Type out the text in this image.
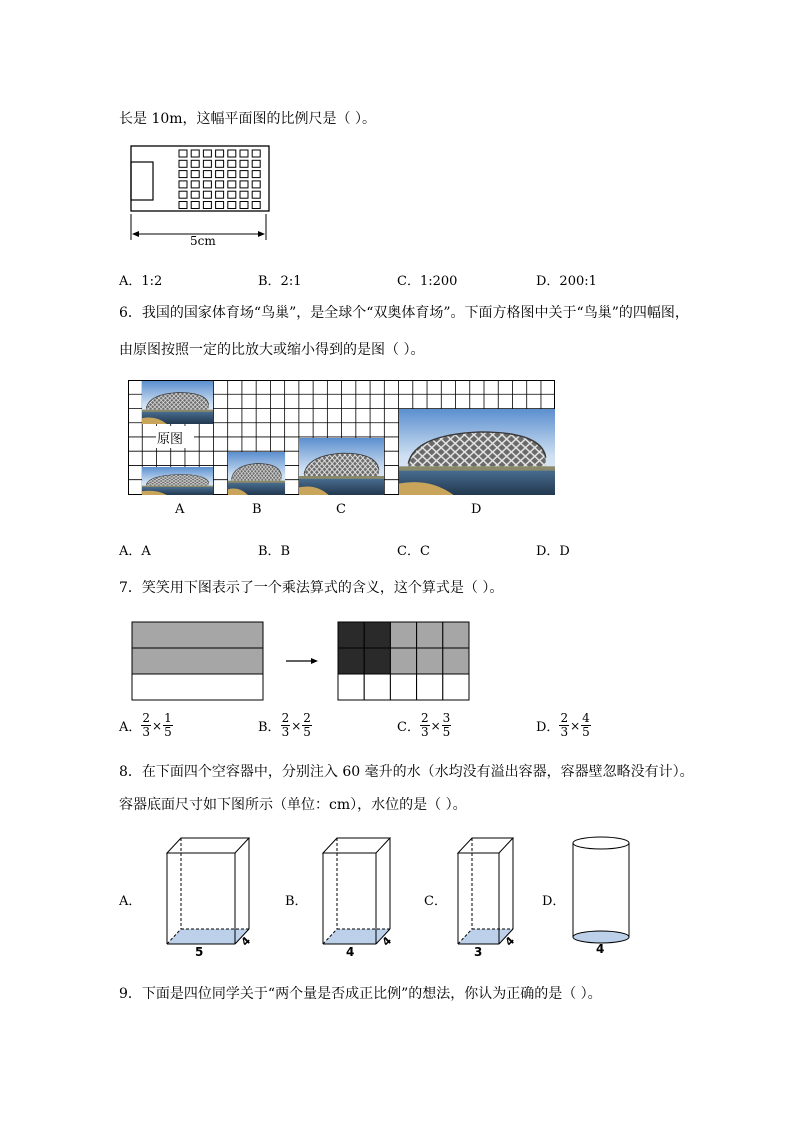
长是 10m，这幅平面图的比例尺是（ ）。
5cm
A．1:2	B．2:1	C．1:200	D．200:1
6．我国的国家体育场“鸟巢”，是全球个“双奥体育场”。下面方格图中关于“鸟巢”的四幅图，
由原图按照一定的比放大或缩小得到的是图（ ）。
原图
A	B	C	D
A．A	B．B	C．C	D．D
7．笑笑用下图表示了一个乘法算式的含义，这个算式是（ ）。
A． $\frac{2}{3} \times \frac{1}{5}$	B． $\frac{2}{3} \times \frac{2}{5}$	C． $\frac{2}{3} \times \frac{3}{5}$	D． $\frac{2}{3} \times \frac{4}{5}$
8．在下面四个空容器中，分别注入 60 毫升的水（水均没有溢出容器，容器壁忽略没有计）。
容器底面尺寸如下图所示（单位：cm），水位的是（ ）。
A．
5
4
B．
4
4
C．
3
4
D．
4
9．下面是四位同学关于“两个量是否成正比例”的想法，你认为正确的是（ ）。
